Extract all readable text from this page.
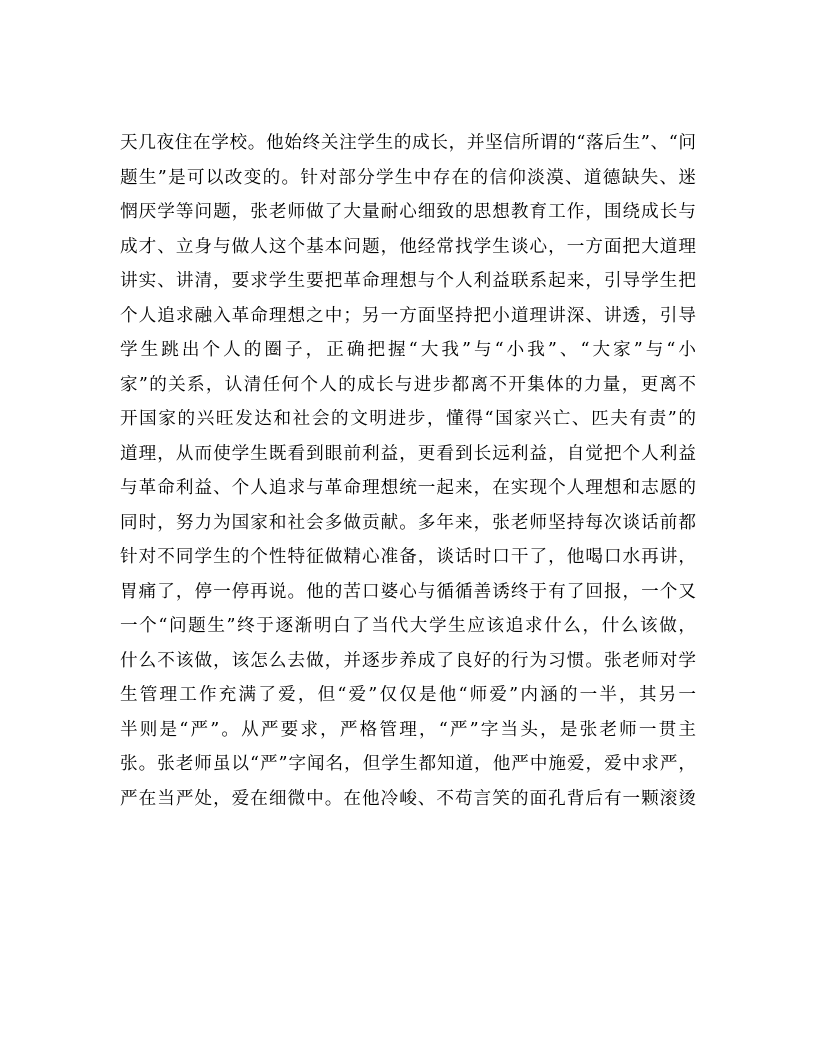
天几夜住在学校。他始终关注学生的成长，并坚信所谓的“落后生”、“问
题生”是可以改变的。针对部分学生中存在的信仰淡漠、道德缺失、迷
惘厌学等问题，张老师做了大量耐心细致的思想教育工作，围绕成长与
成才、立身与做人这个基本问题，他经常找学生谈心，一方面把大道理
讲实、讲清，要求学生要把革命理想与个人利益联系起来，引导学生把
个人追求融入革命理想之中；另一方面坚持把小道理讲深、讲透，引导
学生跳出个人的圈子，正确把握“大我”与“小我”、“大家”与“小
家”的关系，认清任何个人的成长与进步都离不开集体的力量，更离不
开国家的兴旺发达和社会的文明进步，懂得“国家兴亡、匹夫有责”的
道理，从而使学生既看到眼前利益，更看到长远利益，自觉把个人利益
与革命利益、个人追求与革命理想统一起来，在实现个人理想和志愿的
同时，努力为国家和社会多做贡献。多年来，张老师坚持每次谈话前都
针对不同学生的个性特征做精心准备，谈话时口干了，他喝口水再讲，
胃痛了，停一停再说。他的苦口婆心与循循善诱终于有了回报，一个又
一个“问题生”终于逐渐明白了当代大学生应该追求什么，什么该做，
什么不该做，该怎么去做，并逐步养成了良好的行为习惯。张老师对学
生管理工作充满了爱，但“爱”仅仅是他“师爱”内涵的一半，其另一
半则是“严”。从严要求，严格管理，“严”字当头，是张老师一贯主
张。张老师虽以“严”字闻名，但学生都知道，他严中施爱，爱中求严，
严在当严处，爱在细微中。在他冷峻、不苟言笑的面孔背后有一颗滚烫
